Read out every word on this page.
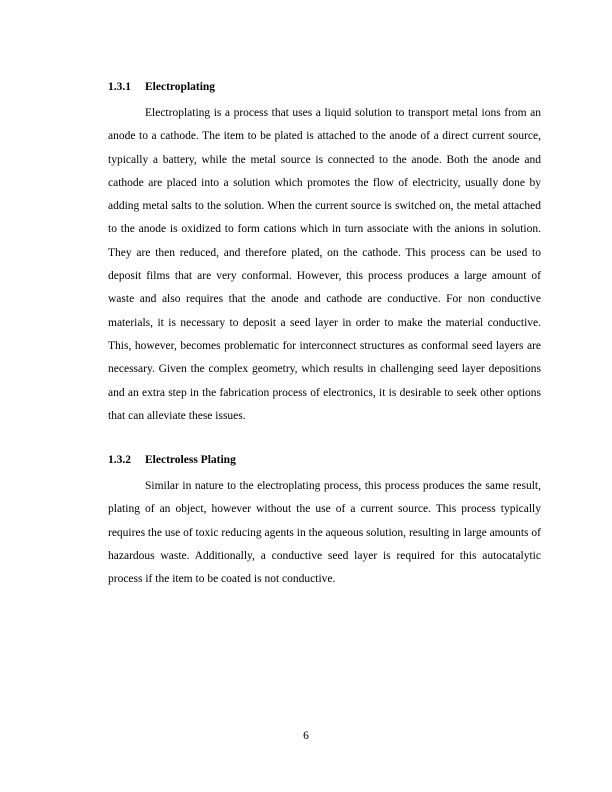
1.3.1	Electroplating

Electroplating is a process that uses a liquid solution to transport metal ions from an anode to a cathode. The item to be plated is attached to the anode of a direct current source, typically a battery, while the metal source is connected to the anode. Both the anode and cathode are placed into a solution which promotes the flow of electricity, usually done by adding metal salts to the solution. When the current source is switched on, the metal attached to the anode is oxidized to form cations which in turn associate with the anions in solution. They are then reduced, and therefore plated, on the cathode. This process can be used to deposit films that are very conformal. However, this process produces a large amount of waste and also requires that the anode and cathode are conductive. For non conductive materials, it is necessary to deposit a seed layer in order to make the material conductive. This, however, becomes problematic for interconnect structures as conformal seed layers are necessary. Given the complex geometry, which results in challenging seed layer depositions and an extra step in the fabrication process of electronics, it is desirable to seek other options that can alleviate these issues.

1.3.2	Electroless Plating

Similar in nature to the electroplating process, this process produces the same result, plating of an object, however without the use of a current source. This process typically requires the use of toxic reducing agents in the aqueous solution, resulting in large amounts of hazardous waste. Additionally, a conductive seed layer is required for this autocatalytic process if the item to be coated is not conductive.

6
